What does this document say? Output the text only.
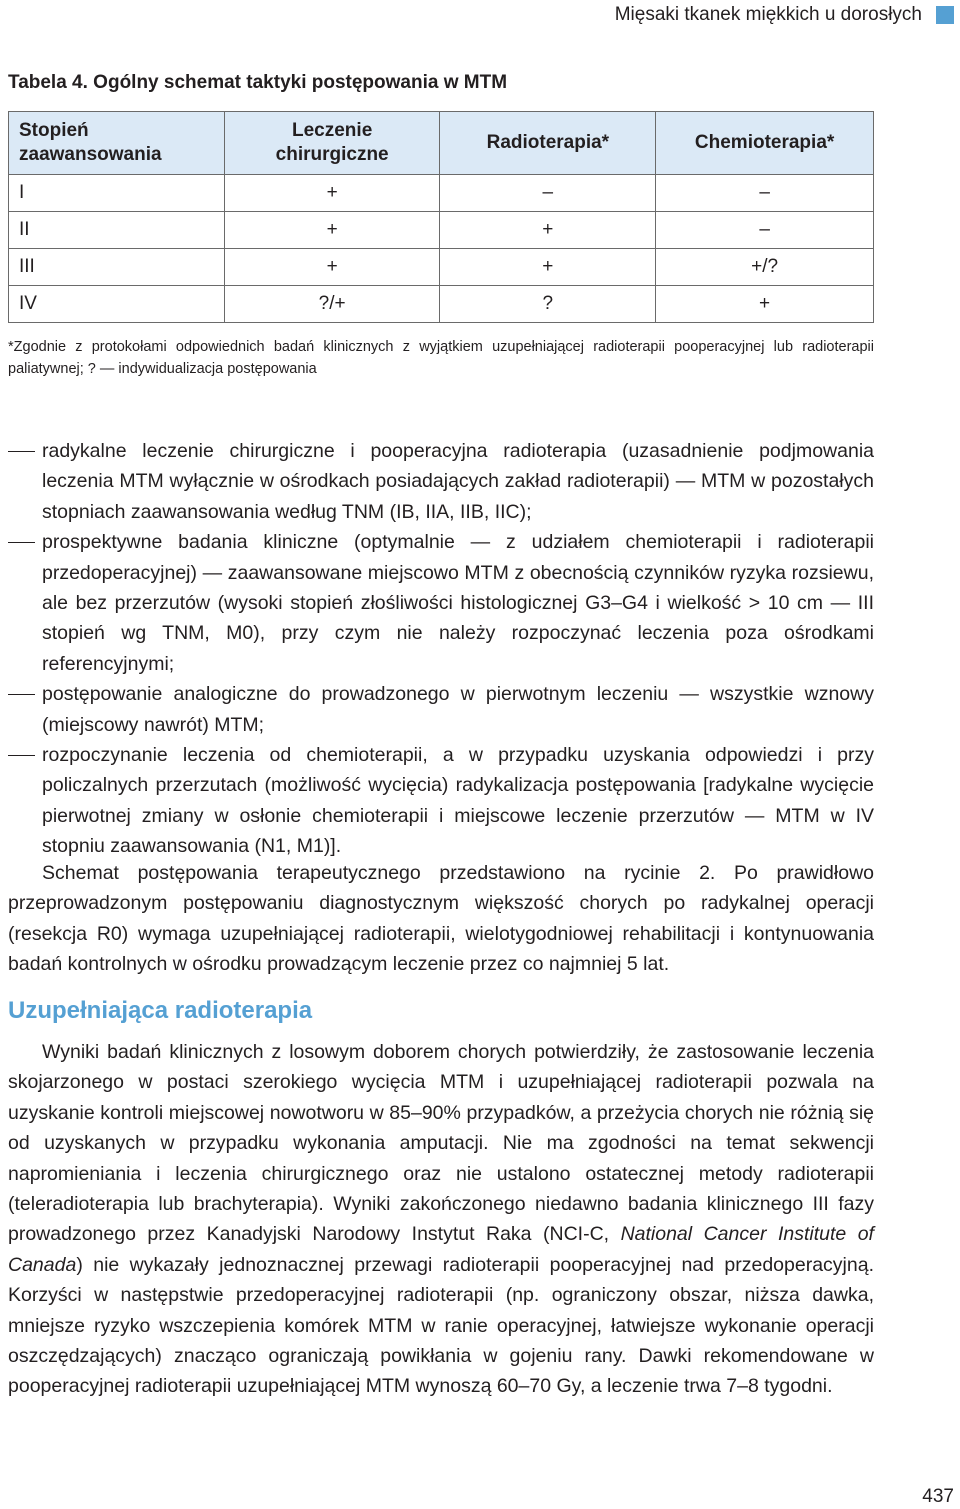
Mięsaki tkanek miękkich u dorosłych
Tabela 4. Ogólny schemat taktyki postępowania w MTM
Stopień zaawansowania	Leczenie chirurgiczne	Radioterapia*	Chemioterapia*
I	+	–	–
II	+	+	–
III	+	+	+/?
IV	?/+	?	+
*Zgodnie z protokołami odpowiednich badań klinicznych z wyjątkiem uzupełniającej radioterapii pooperacyjnej lub radioterapii
paliatywnej; ? — indywidualizacja postępowania
radykalne leczenie chirurgiczne i pooperacyjna radioterapia (uzasadnienie podjmowania leczenia MTM wyłącznie w ośrodkach posiadających zakład radioterapii) — MTM w pozostałych stopniach zaawansowania według TNM (IB, IIA, IIB, IIC);
prospektywne badania kliniczne (optymalnie — z udziałem chemioterapii i radioterapii przedoperacyjnej) — zaawansowane miejscowo MTM z obecnością czynników ryzyka rozsiewu, ale bez przerzutów (wysoki stopień złośliwości histologicznej G3–G4 i wielkość > 10 cm — III stopień wg TNM, M0), przy czym nie należy rozpoczynać leczenia poza ośrodkami referencyjnymi;
postępowanie analogiczne do prowadzonego w pierwotnym leczeniu — wszystkie wznowy (miejscowy nawrót) MTM;
rozpoczynanie leczenia od chemioterapii, a w przypadku uzyskania odpowiedzi i przy policzalnych przerzutach (możliwość wycięcia) radykalizacja postępowania [radykalne wycięcie pierwotnej zmiany w osłonie chemioterapii i miejscowe leczenie przerzutów — MTM w IV stopniu zaawansowania (N1, M1)].

Schemat postępowania terapeutycznego przedstawiono na rycinie 2. Po prawidłowo przeprowadzonym postępowaniu diagnostycznym większość chorych po radykalnej operacji (resekcja R0) wymaga uzupełniającej radioterapii, wielotygodniowej rehabilitacji i kontynuowania badań kontrolnych w ośrodku prowadzącym leczenie przez co najmniej 5 lat.

Uzupełniająca radioterapia

Wyniki badań klinicznych z losowym doborem chorych potwierdziły, że zastosowanie leczenia skojarzonego w postaci szerokiego wycięcia MTM i uzupełniającej radioterapii pozwala na uzyskanie kontroli miejscowej nowotworu w 85–90% przypadków, a przeżycia chorych nie różnią się od uzyskanych w przypadku wykonania amputacji. Nie ma zgodności na temat sekwencji napromieniania i leczenia chirurgicznego oraz nie ustalono ostatecznej metody radioterapii (teleradioterapia lub brachyterapia). Wyniki zakończonego niedawno badania klinicznego III fazy prowadzonego przez Kanadyjski Narodowy Instytut Raka (NCI-C, National Cancer Institute of Canada) nie wykazały jednoznacznej przewagi radioterapii pooperacyjnej nad przedoperacyjną. Korzyści w następstwie przedoperacyjnej radioterapii (np. ograniczony obszar, niższa dawka, mniejsze ryzyko wszczepienia komórek MTM w ranie operacyjnej, łatwiejsze wykonanie operacji oszczędzających) znacząco ograniczają powikłania w gojeniu rany. Dawki rekomendowane w pooperacyjnej radioterapii uzupełniającej MTM wynoszą 60–70 Gy, a leczenie trwa 7–8 tygodni.

437
